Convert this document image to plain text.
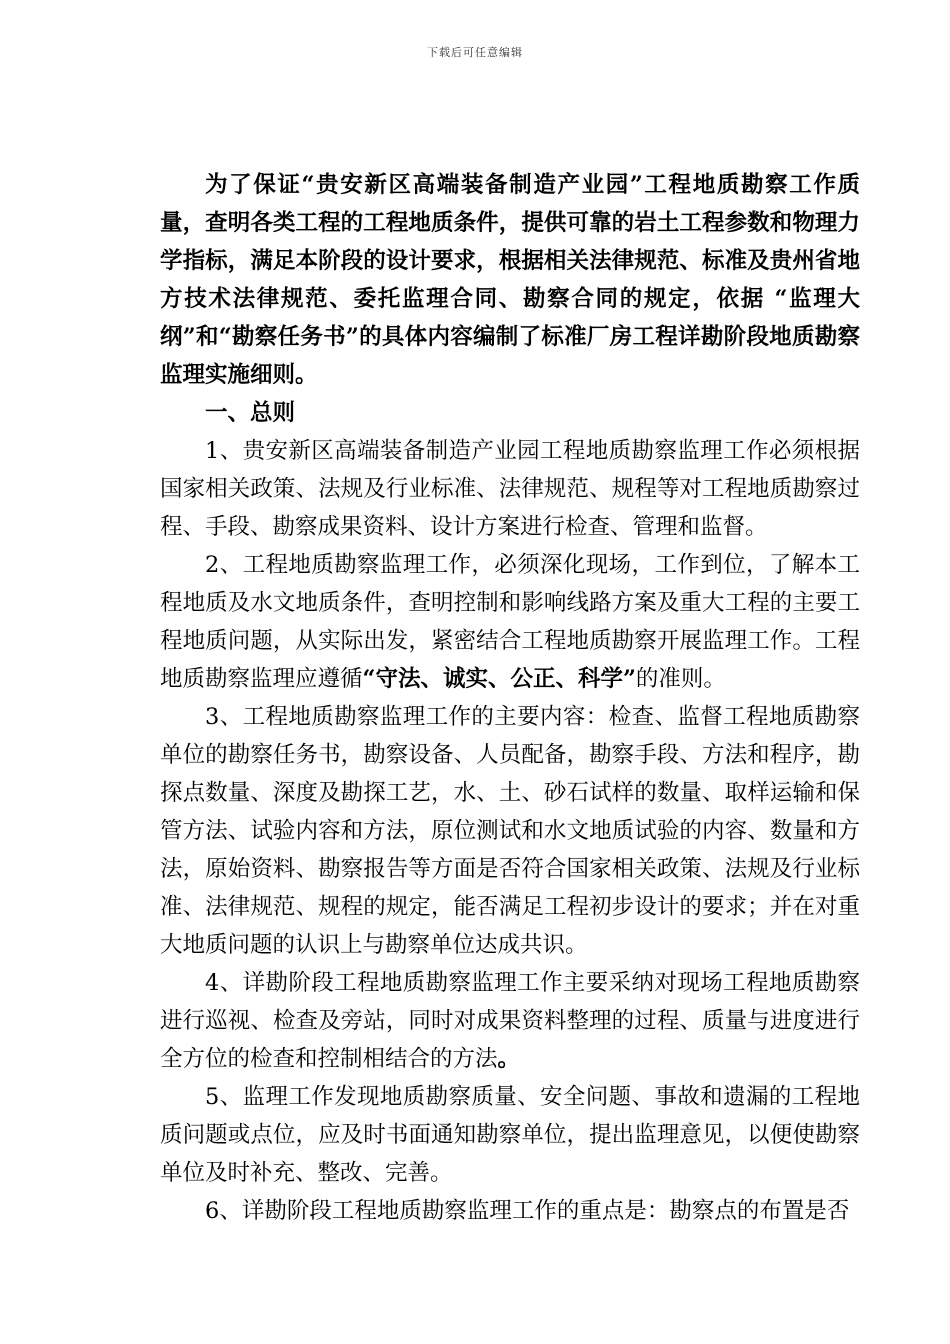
下载后可任意编辑

为了保证“贵安新区高端装备制造产业园”工程地质勘察工作质量，查明各类工程的工程地质条件，提供可靠的岩土工程参数和物理力学指标，满足本阶段的设计要求，根据相关法律规范、标准及贵州省地方技术法律规范、委托监理合同、勘察合同的规定，依据 “监理大纲”和“勘察任务书”的具体内容编制了标准厂房工程详勘阶段地质勘察监理实施细则。

一、总则

1、贵安新区高端装备制造产业园工程地质勘察监理工作必须根据国家相关政策、法规及行业标准、法律规范、规程等对工程地质勘察过程、手段、勘察成果资料、设计方案进行检查、管理和监督。

2、工程地质勘察监理工作，必须深化现场，工作到位，了解本工程地质及水文地质条件，查明控制和影响线路方案及重大工程的主要工程地质问题，从实际出发，紧密结合工程地质勘察开展监理工作。工程地质勘察监理应遵循“守法、诚实、公正、科学”的准则。

3、工程地质勘察监理工作的主要内容：检查、监督工程地质勘察单位的勘察任务书，勘察设备、人员配备，勘察手段、方法和程序，勘探点数量、深度及勘探工艺，水、土、砂石试样的数量、取样运输和保管方法、试验内容和方法，原位测试和水文地质试验的内容、数量和方法，原始资料、勘察报告等方面是否符合国家相关政策、法规及行业标准、法律规范、规程的规定，能否满足工程初步设计的要求；并在对重大地质问题的认识上与勘察单位达成共识。

4、详勘阶段工程地质勘察监理工作主要采纳对现场工程地质勘察进行巡视、检查及旁站，同时对成果资料整理的过程、质量与进度进行全方位的检查和控制相结合的方法。

5、监理工作发现地质勘察质量、安全问题、事故和遗漏的工程地质问题或点位，应及时书面通知勘察单位，提出监理意见，以便使勘察单位及时补充、整改、完善。

6、详勘阶段工程地质勘察监理工作的重点是：勘察点的布置是否
